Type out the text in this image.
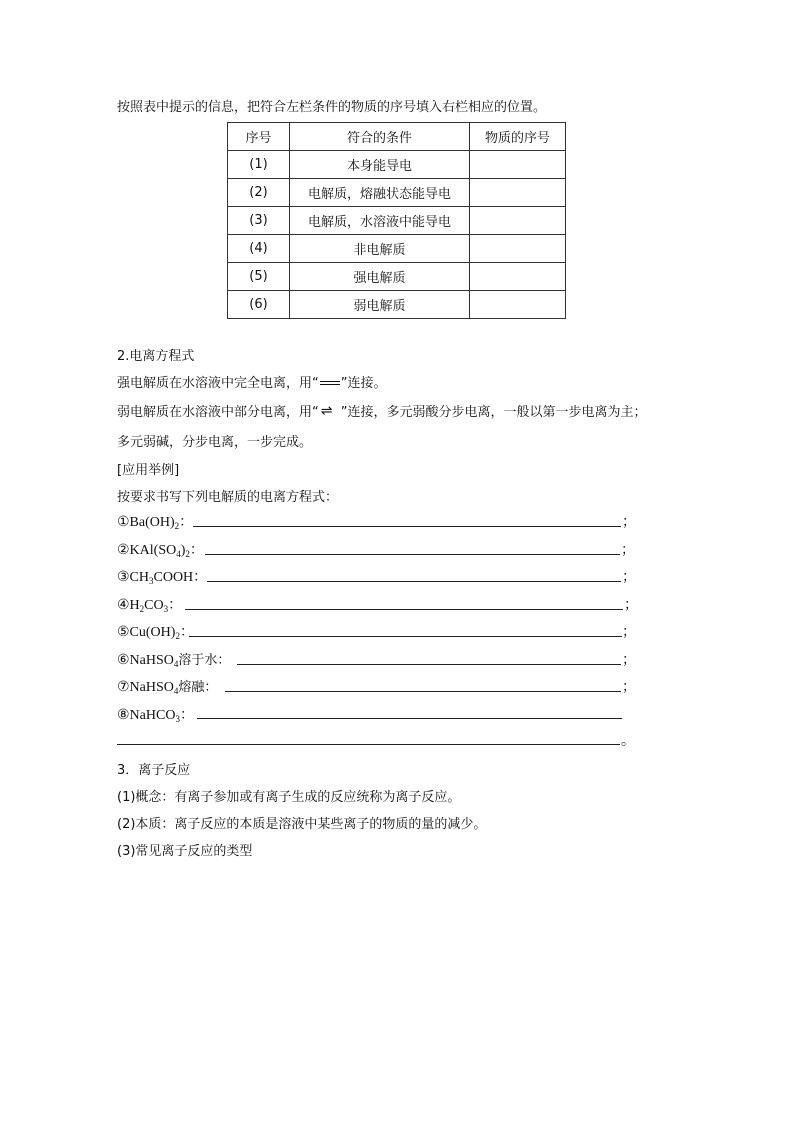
按照表中提示的信息，把符合左栏条件的物质的序号填入右栏相应的位置。
序号	符合的条件	物质的序号
(1)	本身能导电	
(2)	电解质，熔融状态能导电	
(3)	电解质，水溶液中能导电	
(4)	非电解质	
(5)	强电解质	
(6)	弱电解质	
2.电离方程式
强电解质在水溶液中完全电离，用“ ”连接。
弱电解质在水溶液中部分电离，用“ ⇌ ”连接，多元弱酸分步电离，一般以第一步电离为主；
多元弱碱，分步电离，一步完成。
[应用举例]
按要求书写下列电解质的电离方程式：
$①Ba(OH)_2$：	；
$②KAl(SO_4)_2$：	；
$③CH_3COOH$：	；
$④H_2CO_3$：	；
$⑤Cu(OH)_2$：	；
⑥NaHSO$_4$溶于水：	；
⑦NaHSO$_4$熔融：	；
⑧NaHCO$_3$：
。
3．离子反应
(1)概念：有离子参加或有离子生成的反应统称为离子反应。
(2)本质：离子反应的本质是溶液中某些离子的物质的量的减少。
(3)常见离子反应的类型
